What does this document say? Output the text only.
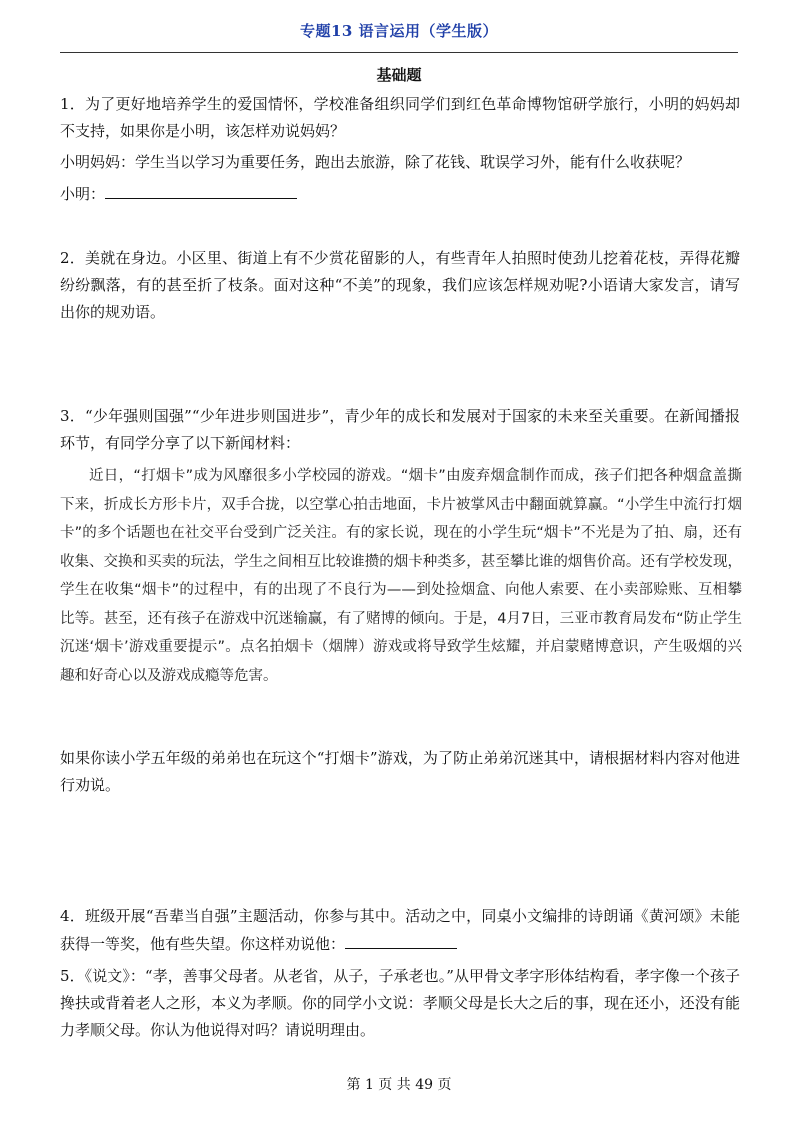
专题13 语言运用（学生版）
基础题

1．为了更好地培养学生的爱国情怀，学校准备组织同学们到红色革命博物馆研学旅行，小明的妈妈却不支持，如果你是小明，该怎样劝说妈妈？

小明妈妈：学生当以学习为重要任务，跑出去旅游，除了花钱、耽误学习外，能有什么收获呢？

小明：

2．美就在身边。小区里、街道上有不少赏花留影的人，有些青年人拍照时使劲儿挖着花枝，弄得花瓣纷纷飘落，有的甚至折了枝条。面对这种“不美”的现象，我们应该怎样规劝呢?小语请大家发言，请写出你的规劝语。

3．“少年强则国强”“少年进步则国进步”，青少年的成长和发展对于国家的未来至关重要。在新闻播报环节，有同学分享了以下新闻材料：

近日，“打烟卡”成为风靡很多小学校园的游戏。“烟卡”由废弃烟盒制作而成，孩子们把各种烟盒盖撕下来，折成长方形卡片，双手合拢，以空掌心拍击地面，卡片被掌风击中翻面就算赢。“小学生中流行打烟卡”的多个话题也在社交平台受到广泛关注。有的家长说，现在的小学生玩“烟卡”不光是为了拍、扇，还有收集、交换和买卖的玩法，学生之间相互比较谁攒的烟卡种类多，甚至攀比谁的烟售价高。还有学校发现，学生在收集“烟卡”的过程中，有的出现了不良行为——到处捡烟盒、向他人索要、在小卖部赊账、互相攀比等。甚至，还有孩子在游戏中沉迷输赢，有了赌博的倾向。于是，4月7日，三亚市教育局发布“防止学生沉迷‘烟卡’游戏重要提示”。点名拍烟卡（烟牌）游戏或将导致学生炫耀，并启蒙赌博意识，产生吸烟的兴趣和好奇心以及游戏成瘾等危害。

如果你读小学五年级的弟弟也在玩这个“打烟卡”游戏，为了防止弟弟沉迷其中，请根据材料内容对他进行劝说。

4．班级开展“吾辈当自强”主题活动，你参与其中。活动之中，同桌小文编排的诗朗诵《黄河颂》未能获得一等奖，他有些失望。你这样劝说他：

5．《说文》：“孝，善事父母者。从老省，从子，子承老也。”从甲骨文孝字形体结构看，孝字像一个孩子搀扶或背着老人之形，本义为孝顺。你的同学小文说：孝顺父母是长大之后的事，现在还小，还没有能力孝顺父母。你认为他说得对吗？请说明理由。

第 1 页 共 49 页
